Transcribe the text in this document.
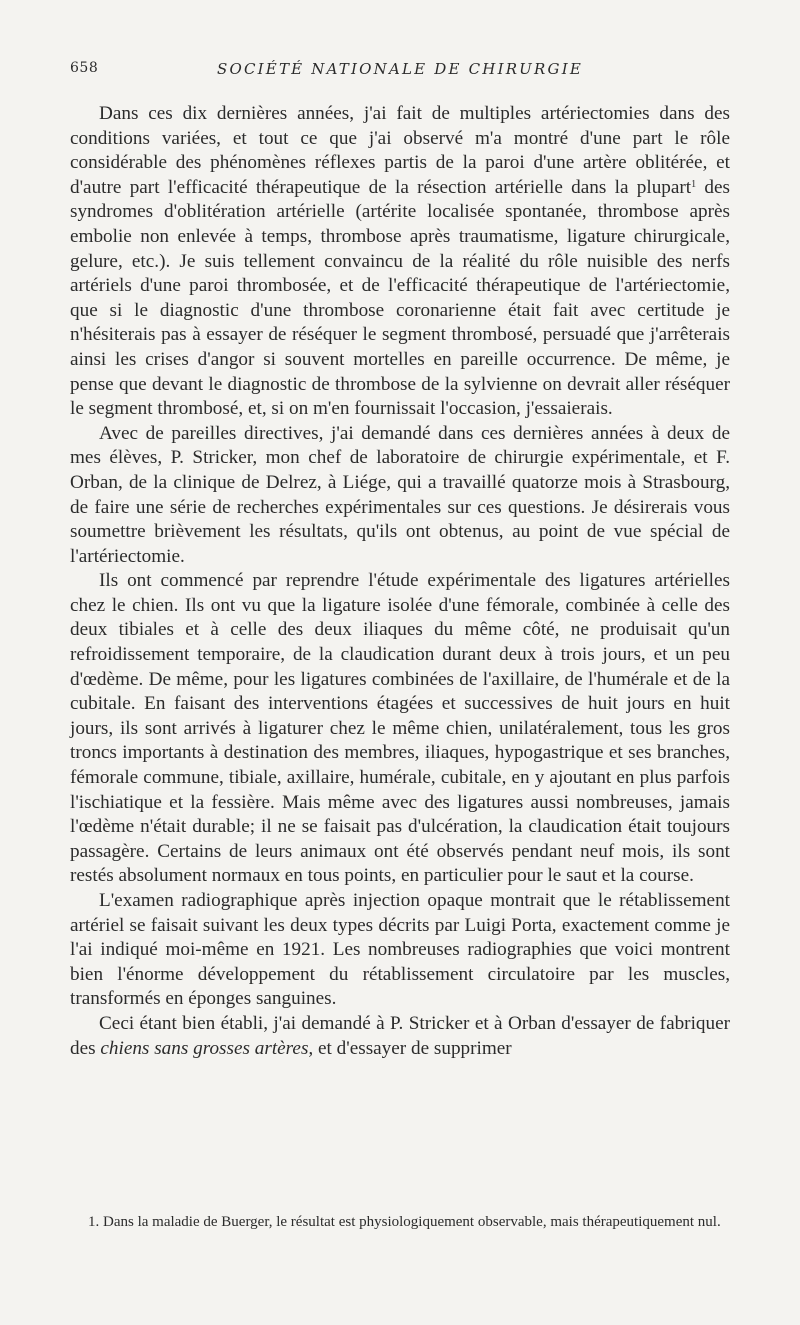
658	SOCIÉTÉ NATIONALE DE CHIRURGIE

Dans ces dix dernières années, j'ai fait de multiples artériectomies dans des conditions variées, et tout ce que j'ai observé m'a montré d'une part le rôle considérable des phénomènes réflexes partis de la paroi d'une artère oblitérée, et d'autre part l'efficacité thérapeutique de la résection artérielle dans la plupart$^1$ des syndromes d'oblitération artérielle (artérite localisée spontanée, thrombose après embolie non enlevée à temps, thrombose après traumatisme, ligature chirurgicale, gelure, etc.). Je suis tellement convaincu de la réalité du rôle nuisible des nerfs artériels d'une paroi thrombosée, et de l'efficacité thérapeutique de l'artériectomie, que si le diagnostic d'une thrombose coronarienne était fait avec certitude je n'hésiterais pas à essayer de réséquer le segment thrombosé, persuadé que j'arrêterais ainsi les crises d'angor si souvent mortelles en pareille occurrence. De même, je pense que devant le diagnostic de thrombose de la sylvienne on devrait aller réséquer le segment thrombosé, et, si on m'en fournissait l'occasion, j'essaierais.

Avec de pareilles directives, j'ai demandé dans ces dernières années à deux de mes élèves, P. Stricker, mon chef de laboratoire de chirurgie expérimentale, et F. Orban, de la clinique de Delrez, à Liége, qui a travaillé quatorze mois à Strasbourg, de faire une série de recherches expérimentales sur ces questions. Je désirerais vous soumettre brièvement les résultats, qu'ils ont obtenus, au point de vue spécial de l'artériectomie.

Ils ont commencé par reprendre l'étude expérimentale des ligatures artérielles chez le chien. Ils ont vu que la ligature isolée d'une fémorale, combinée à celle des deux tibiales et à celle des deux iliaques du même côté, ne produisait qu'un refroidissement temporaire, de la claudication durant deux à trois jours, et un peu d'œdème. De même, pour les ligatures combinées de l'axillaire, de l'humérale et de la cubitale. En faisant des interventions étagées et successives de huit jours en huit jours, ils sont arrivés à ligaturer chez le même chien, unilatéralement, tous les gros troncs importants à destination des membres, iliaques, hypogastrique et ses branches, fémorale commune, tibiale, axillaire, humérale, cubitale, en y ajoutant en plus parfois l'ischiatique et la fessière. Mais même avec des ligatures aussi nombreuses, jamais l'œdème n'était durable; il ne se faisait pas d'ulcération, la claudication était toujours passagère. Certains de leurs animaux ont été observés pendant neuf mois, ils sont restés absolument normaux en tous points, en particulier pour le saut et la course.

L'examen radiographique après injection opaque montrait que le rétablissement artériel se faisait suivant les deux types décrits par Luigi Porta, exactement comme je l'ai indiqué moi-même en 1921. Les nombreuses radiographies que voici montrent bien l'énorme développement du rétablissement circulatoire par les muscles, transformés en éponges sanguines.

Ceci étant bien établi, j'ai demandé à P. Stricker et à Orban d'essayer de fabriquer des chiens sans grosses artères, et d'essayer de supprimer

1. Dans la maladie de Buerger, le résultat est physiologiquement observable, mais thérapeutiquement nul.
